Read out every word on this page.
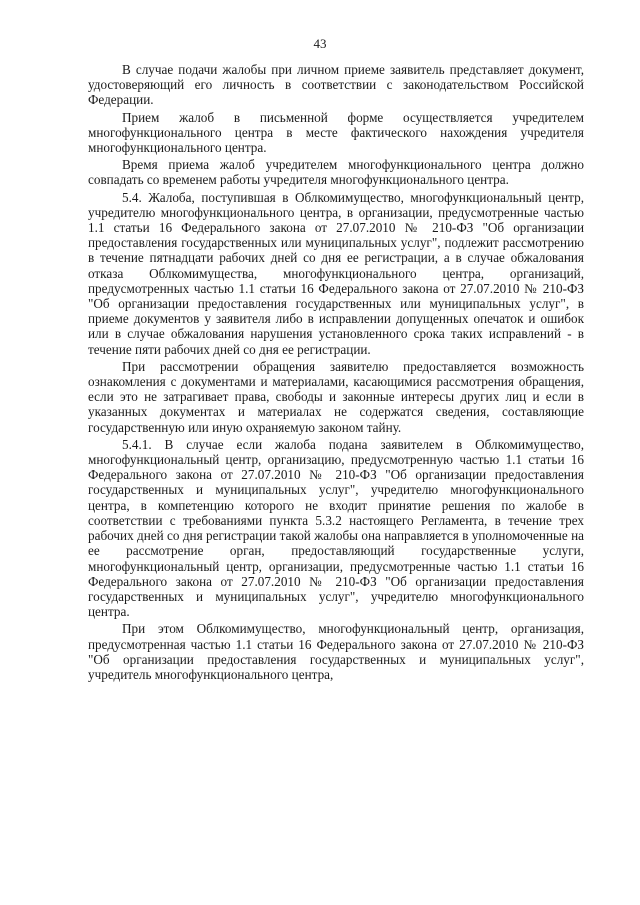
43

В случае подачи жалобы при личном приеме заявитель представляет документ, удостоверяющий его личность в соответствии с законодательством Российской Федерации.

Прием жалоб в письменной форме осуществляется учредителем многофункционального центра в месте фактического нахождения учредителя многофункционального центра.

Время приема жалоб учредителем многофункционального центра должно совпадать со временем работы учредителя многофункционального центра.

5.4. Жалоба, поступившая в Облкомимущество, многофункциональный центр, учредителю многофункционального центра, в организации, предусмотренные частью 1.1 статьи 16 Федерального закона от 27.07.2010 № 210-ФЗ "Об организации предоставления государственных или муниципальных услуг", подлежит рассмотрению в течение пятнадцати рабочих дней со дня ее регистрации, а в случае обжалования отказа Облкомимущества, многофункционального центра, организаций, предусмотренных частью 1.1 статьи 16 Федерального закона от 27.07.2010 № 210-ФЗ "Об организации предоставления государственных или муниципальных услуг", в приеме документов у заявителя либо в исправлении допущенных опечаток и ошибок или в случае обжалования нарушения установленного срока таких исправлений - в течение пяти рабочих дней со дня ее регистрации.

При рассмотрении обращения заявителю предоставляется возможность ознакомления с документами и материалами, касающимися рассмотрения обращения, если это не затрагивает права, свободы и законные интересы других лиц и если в указанных документах и материалах не содержатся сведения, составляющие государственную или иную охраняемую законом тайну.

5.4.1. В случае если жалоба подана заявителем в Облкомимущество, многофункциональный центр, организацию, предусмотренную частью 1.1 статьи 16 Федерального закона от 27.07.2010 № 210-ФЗ "Об организации предоставления государственных и муниципальных услуг", учредителю многофункционального центра, в компетенцию которого не входит принятие решения по жалобе в соответствии с требованиями пункта 5.3.2 настоящего Регламента, в течение трех рабочих дней со дня регистрации такой жалобы она направляется в уполномоченные на ее рассмотрение орган, предоставляющий государственные услуги, многофункциональный центр, организации, предусмотренные частью 1.1 статьи 16 Федерального закона от 27.07.2010 № 210-ФЗ "Об организации предоставления государственных и муниципальных услуг", учредителю многофункционального центра.

При этом Облкомимущество, многофункциональный центр, организация, предусмотренная частью 1.1 статьи 16 Федерального закона от 27.07.2010 № 210-ФЗ "Об организации предоставления государственных и муниципальных услуг", учредитель многофункционального центра,
